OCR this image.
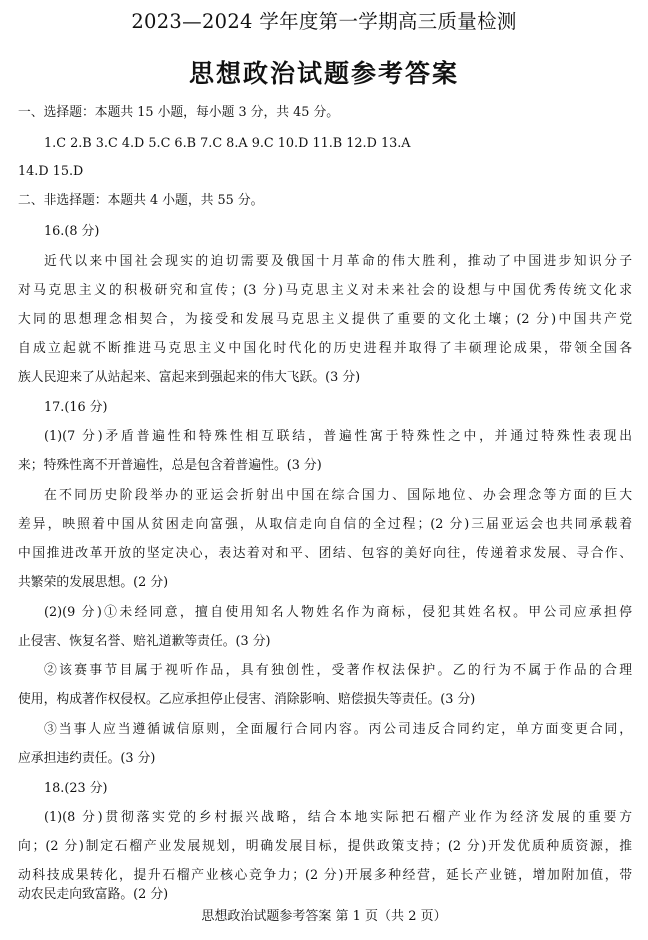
2023—2024 学年度第一学期高三质量检测
思想政治试题参考答案
一、选择题：本题共 15 小题，每小题 3 分，共 45 分。
1.C 2.B 3.C 4.D 5.C 6.B 7.C 8.A 9.C 10.D 11.B 12.D 13.A
14.D 15.D
二、非选择题：本题共 4 小题，共 55 分。
16.(8 分)
近代以来中国社会现实的迫切需要及俄国十月革命的伟大胜利，推动了中国进步知识分子
对马克思主义的积极研究和宣传；(3 分)马克思主义对未来社会的设想与中国优秀传统文化求
大同的思想理念相契合，为接受和发展马克思主义提供了重要的文化土壤；(2 分)中国共产党
自成立起就不断推进马克思主义中国化时代化的历史进程并取得了丰硕理论成果，带领全国各
族人民迎来了从站起来、富起来到强起来的伟大飞跃。(3 分)
17.(16 分)
(1)(7 分)矛盾普遍性和特殊性相互联结，普遍性寓于特殊性之中，并通过特殊性表现出
来；特殊性离不开普遍性，总是包含着普遍性。(3 分)
在不同历史阶段举办的亚运会折射出中国在综合国力、国际地位、办会理念等方面的巨大
差异，映照着中国从贫困走向富强，从取信走向自信的全过程；(2 分)三届亚运会也共同承载着
中国推进改革开放的坚定决心，表达着对和平、团结、包容的美好向往，传递着求发展、寻合作、
共繁荣的发展思想。(2 分)
(2)(9 分)①未经同意，擅自使用知名人物姓名作为商标，侵犯其姓名权。甲公司应承担停
止侵害、恢复名誉、赔礼道歉等责任。(3 分)
②该赛事节目属于视听作品，具有独创性，受著作权法保护。乙的行为不属于作品的合理
使用，构成著作权侵权。乙应承担停止侵害、消除影响、赔偿损失等责任。(3 分)
③当事人应当遵循诚信原则，全面履行合同内容。丙公司违反合同约定，单方面变更合同，
应承担违约责任。(3 分)
18.(23 分)
(1)(8 分)贯彻落实党的乡村振兴战略，结合本地实际把石榴产业作为经济发展的重要方
向；(2 分)制定石榴产业发展规划，明确发展目标，提供政策支持；(2 分)开发优质种质资源，推
动科技成果转化，提升石榴产业核心竞争力；(2 分)开展多种经营，延长产业链，增加附加值，带
思想政治试题参考答案 第 1 页（共 2 页）
动农民走向致富路。(2 分)
